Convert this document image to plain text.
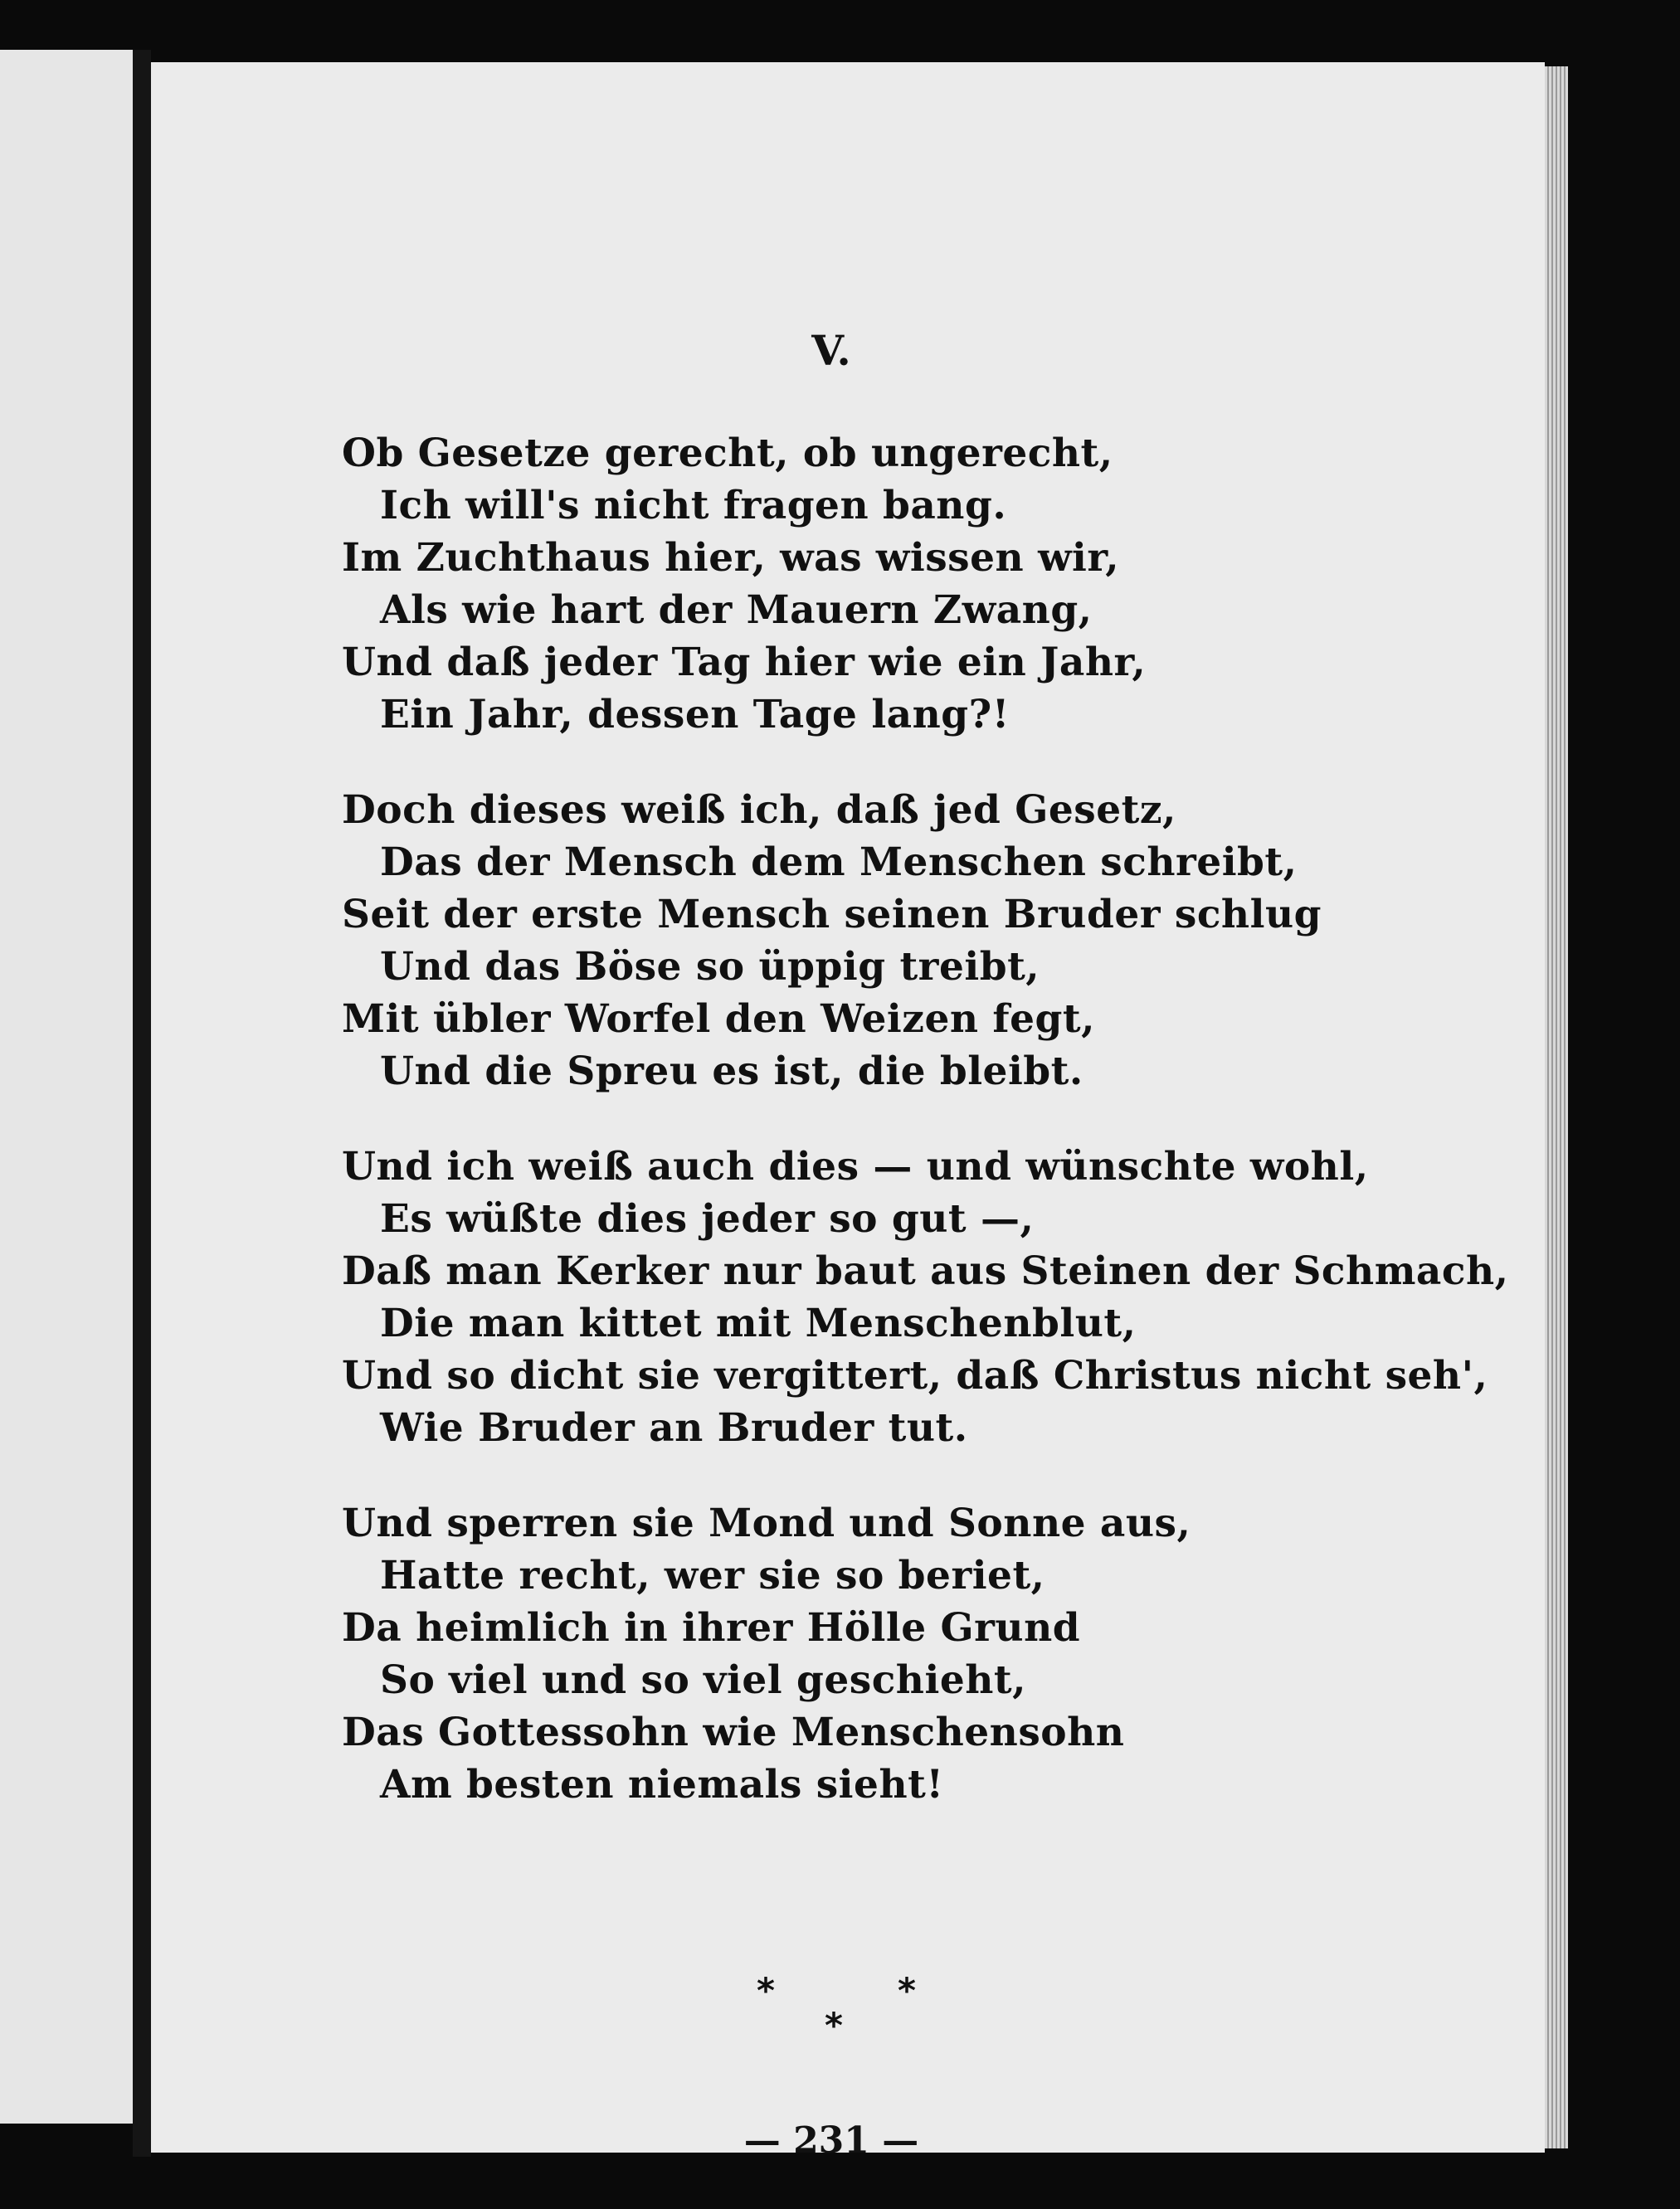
V.

Ob Gesetze gerecht, ob ungerecht,
Ich will's nicht fragen bang.
Im Zuchthaus hier, was wissen wir,
Als wie hart der Mauern Zwang,
Und daß jeder Tag hier wie ein Jahr,
Ein Jahr, dessen Tage lang?!

Doch dieses weiß ich, daß jed Gesetz,
Das der Mensch dem Menschen schreibt,
Seit der erste Mensch seinen Bruder schlug
Und das Böse so üppig treibt,
Mit übler Worfel den Weizen fegt,
Und die Spreu es ist, die bleibt.

Und ich weiß auch dies — und wünschte wohl,
Es wüßte dies jeder so gut —,
Daß man Kerker nur baut aus Steinen der Schmach,
Die man kittet mit Menschenblut,
Und so dicht sie vergittert, daß Christus nicht seh',
Wie Bruder an Bruder tut.

Und sperren sie Mond und Sonne aus,
Hatte recht, wer sie so beriet,
Da heimlich in ihrer Hölle Grund
So viel und so viel geschieht,
Das Gottessohn wie Menschensohn
Am besten niemals sieht!

*	*
*
— 231 —
